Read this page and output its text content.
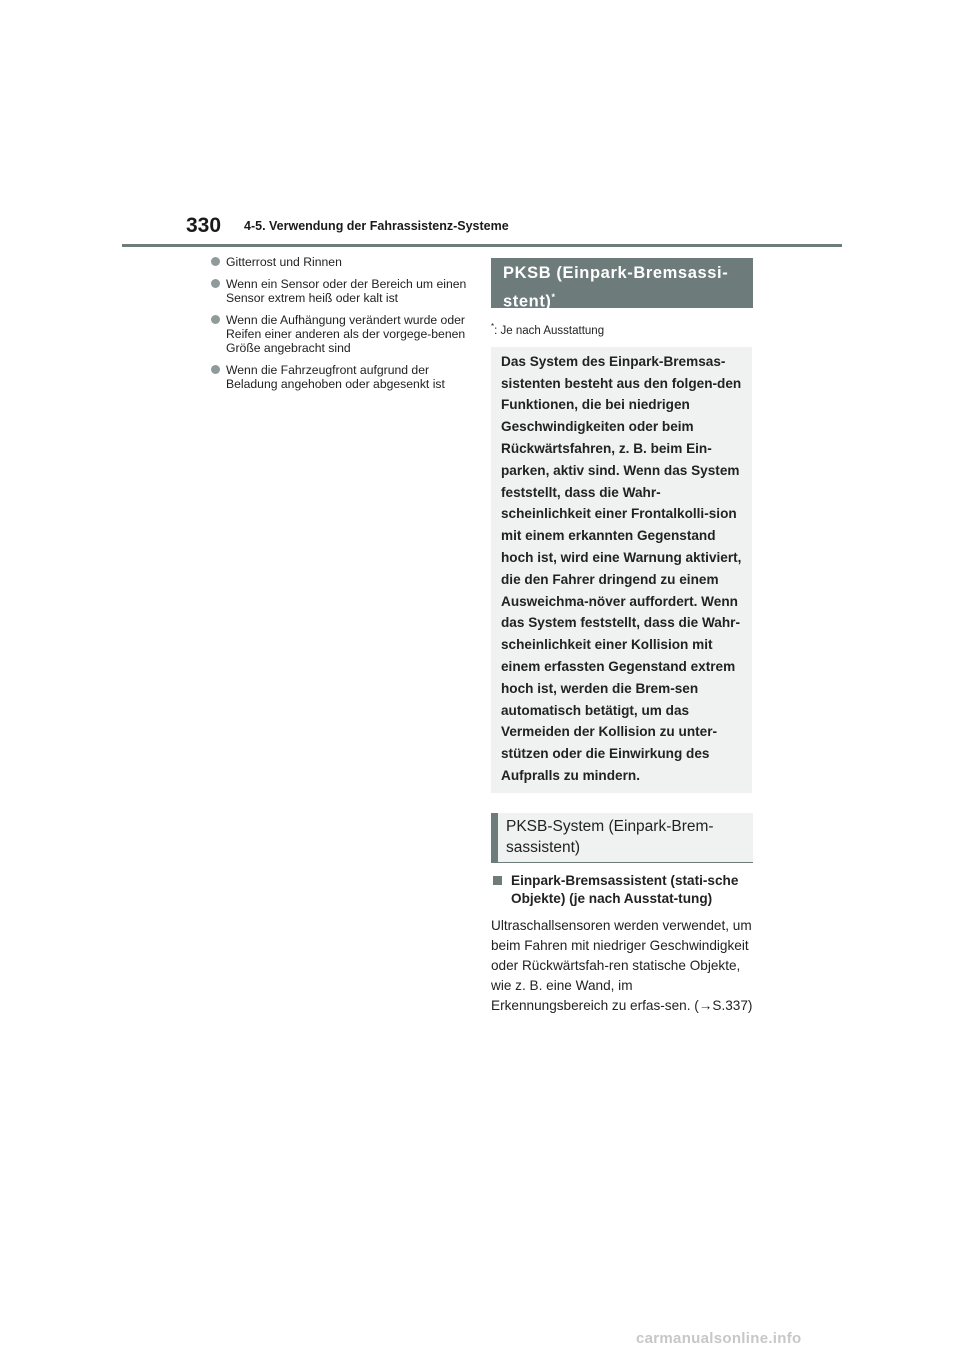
330 4-5. Verwendung der Fahrassistenz-Systeme
Gitterrost und Rinnen
Wenn ein Sensor oder der Bereich um einen Sensor extrem heiß oder kalt ist
Wenn die Aufhängung verändert wurde oder Reifen einer anderen als der vorgege-benen Größe angebracht sind
Wenn die Fahrzeugfront aufgrund der Beladung angehoben oder abgesenkt ist
PKSB (Einpark-Bremsassi-stent)*
*: Je nach Ausstattung
Das System des Einpark-Bremsas-sistenten besteht aus den folgen-den Funktionen, die bei niedrigen Geschwindigkeiten oder beim Rückwärtsfahren, z. B. beim Ein-parken, aktiv sind. Wenn das System feststellt, dass die Wahr-scheinlichkeit einer Frontalkolli-sion mit einem erkannten Gegenstand hoch ist, wird eine Warnung aktiviert, die den Fahrer dringend zu einem Ausweichma-növer auffordert. Wenn das System feststellt, dass die Wahr-scheinlichkeit einer Kollision mit einem erfassten Gegenstand extrem hoch ist, werden die Brem-sen automatisch betätigt, um das Vermeiden der Kollision zu unter-stützen oder die Einwirkung des Aufpralls zu mindern.
PKSB-System (Einpark-Brem-sassistent)
Einpark-Bremsassistent (stati-sche Objekte) (je nach Ausstat-tung)
Ultraschallsensoren werden verwendet, um beim Fahren mit niedriger Geschwindigkeit oder Rückwärtsfah-ren statische Objekte, wie z. B. eine Wand, im Erkennungsbereich zu erfas-sen. (→S.337)
carmanualsonline.info
